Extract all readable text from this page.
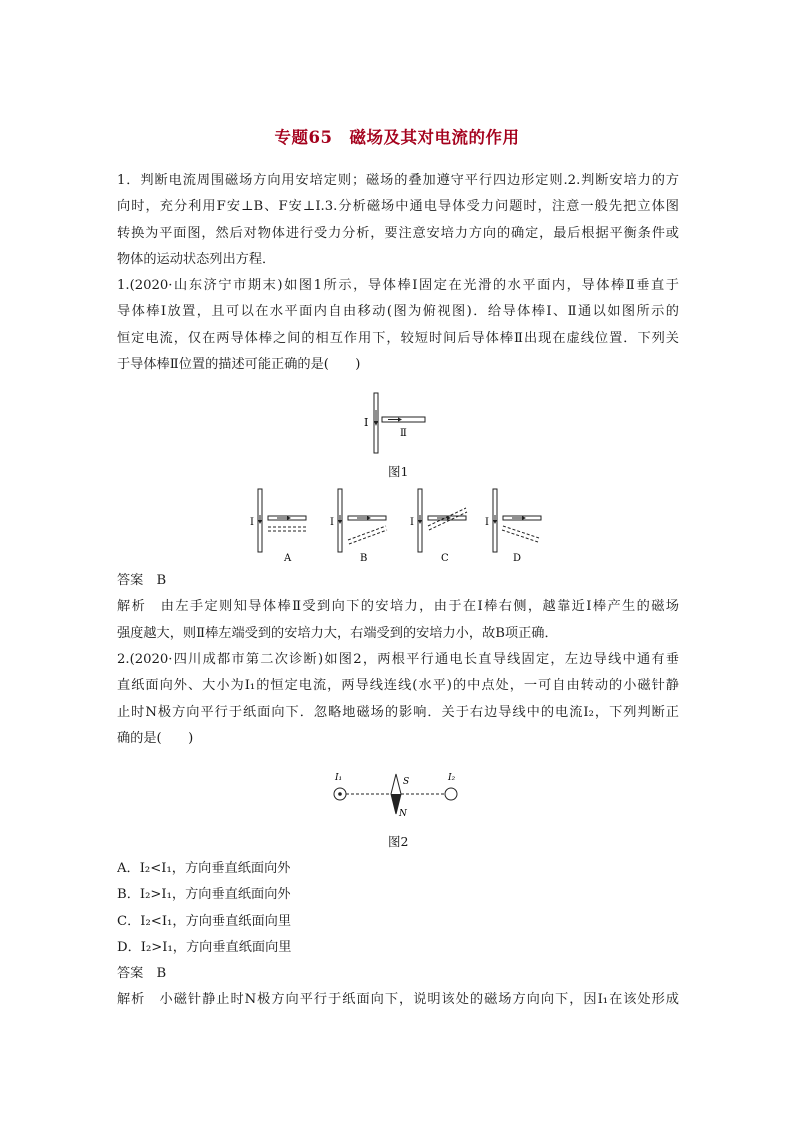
专题65　磁场及其对电流的作用
1．判断电流周围磁场方向用安培定则；磁场的叠加遵守平行四边形定则.2.判断安培力的方
向时，充分利用F安⊥B、F安⊥I.3.分析磁场中通电导体受力问题时，注意一般先把立体图
转换为平面图，然后对物体进行受力分析，要注意安培力方向的确定，最后根据平衡条件或
物体的运动状态列出方程．
1.(2020·山东济宁市期末)如图1所示，导体棒Ⅰ固定在光滑的水平面内，导体棒Ⅱ垂直于
导体棒Ⅰ放置，且可以在水平面内自由移动(图为俯视图)．给导体棒Ⅰ、Ⅱ通以如图所示的
恒定电流，仅在两导体棒之间的相互作用下，较短时间后导体棒Ⅱ出现在虚线位置．下列关
于导体棒Ⅱ位置的描述可能正确的是(　　)
Ⅰ
Ⅱ
图1
Ⅰ
A
Ⅰ
B
Ⅰ
C
Ⅰ
D
答案　B
解析　由左手定则知导体棒Ⅱ受到向下的安培力，由于在Ⅰ棒右侧，越靠近Ⅰ棒产生的磁场
强度越大，则Ⅱ棒左端受到的安培力大，右端受到的安培力小，故B项正确．
2.(2020·四川成都市第二次诊断)如图2，两根平行通电长直导线固定，左边导线中通有垂
直纸面向外、大小为I₁的恒定电流，两导线连线(水平)的中点处，一可自由转动的小磁针静
止时N极方向平行于纸面向下．忽略地磁场的影响．关于右边导线中的电流I₂，下列判断正
确的是(　　)
I₁	I₂
S
N
图2
A．I₂<I₁，方向垂直纸面向外
B．I₂>I₁，方向垂直纸面向外
C．I₂<I₁，方向垂直纸面向里
D．I₂>I₁，方向垂直纸面向里
答案　B
解析　小磁针静止时N极方向平行于纸面向下，说明该处的磁场方向向下，因I₁在该处形成
